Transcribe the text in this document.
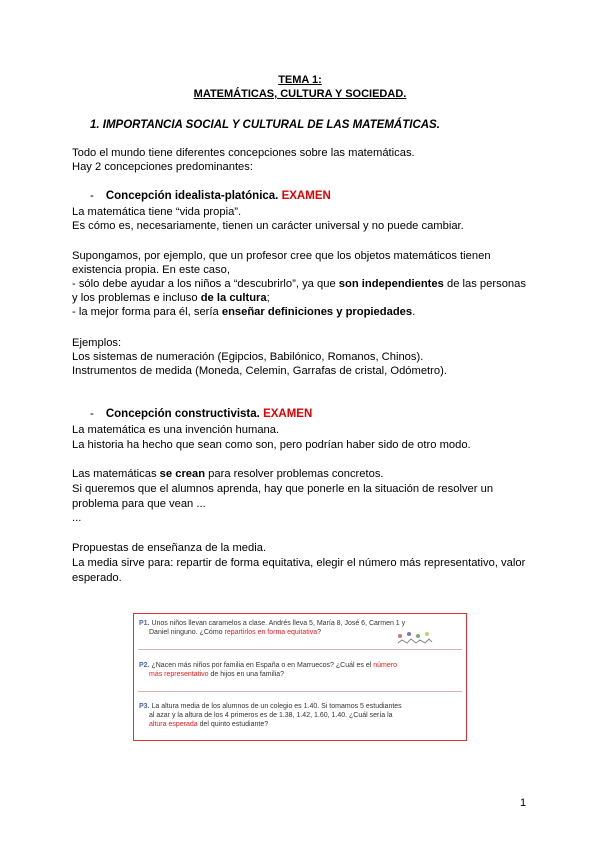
TEMA 1:
MATEMÁTICAS, CULTURA Y SOCIEDAD.
1. IMPORTANCIA SOCIAL Y CULTURAL DE LAS MATEMÁTICAS.
Todo el mundo tiene diferentes concepciones sobre las matemáticas.
Hay 2 concepciones predominantes:
- Concepción idealista-platónica. EXAMEN
La matemática tiene “vida propia”.
Es cómo es, necesariamente, tienen un carácter universal y no puede cambiar.
Supongamos, por ejemplo, que un profesor cree que los objetos matemáticos tienen
existencia propia. En este caso,
- sólo debe ayudar a los niños a “descubrirlo”, ya que son independientes de las personas
y los problemas e incluso de la cultura;
- la mejor forma para él, sería enseñar definiciones y propiedades.
Ejemplos:
Los sistemas de numeración (Egipcios, Babilónico, Romanos, Chinos).
Instrumentos de medida (Moneda, Celemin, Garrafas de cristal, Odómetro).
- Concepción constructivista. EXAMEN
La matemática es una invención humana.
La historia ha hecho que sean como son, pero podrían haber sido de otro modo.
Las matemáticas se crean para resolver problemas concretos.
Si queremos que el alumnos aprenda, hay que ponerle en la situación de resolver un
problema para que vean ...
...
Propuestas de enseñanza de la media.
La media sirve para: repartir de forma equitativa, elegir el número más representativo, valor
esperado.
P1. Unos niños llevan caramelos a clase. Andrés lleva 5, María 8, José 6, Carmen 1 y
Daniel ninguno. ¿Cómo repartirlos en forma equitativa?
P2. ¿Nacen más niños por familia en España o en Marruecos? ¿Cuál es el número
más representativo de hijos en una familia?
P3. La altura media de los alumnos de un colegio es 1.40. Si tomamos 5 estudiantes
al azar y la altura de los 4 primeros es de 1.38, 1.42, 1.60, 1.40. ¿Cuál sería la
altura esperada del quinto estudiante?
1
